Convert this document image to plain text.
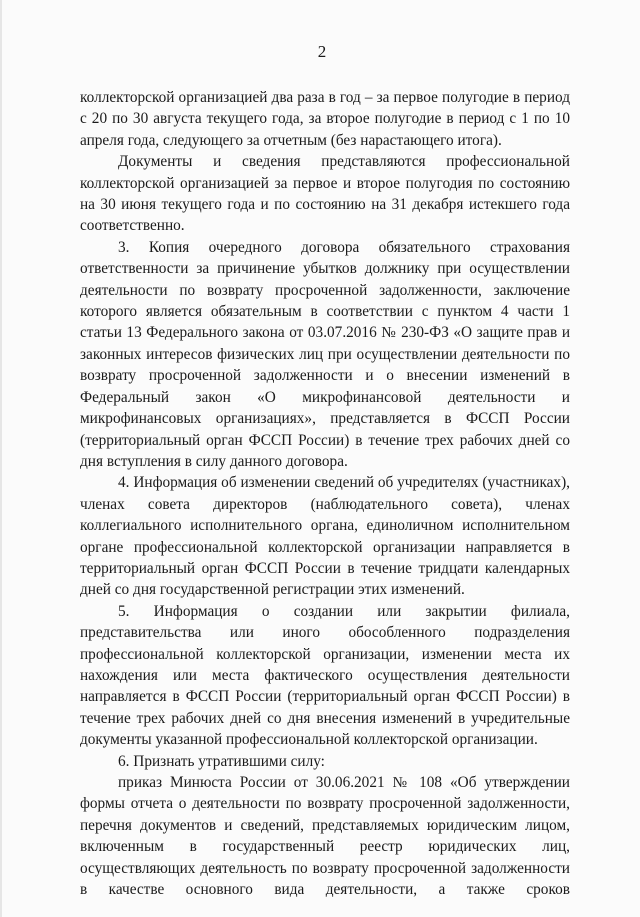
2

коллекторской организацией два раза в год – за первое полугодие в период с 20 по 30 августа текущего года, за второе полугодие в период с 1 по 10 апреля года, следующего за отчетным (без нарастающего итога).

Документы и сведения представляются профессиональной коллекторской организацией за первое и второе полугодия по состоянию на 30 июня текущего года и по состоянию на 31 декабря истекшего года соответственно.

3. Копия очередного договора обязательного страхования ответственности за причинение убытков должнику при осуществлении деятельности по возврату просроченной задолженности, заключение которого является обязательным в соответствии с пунктом 4 части 1 статьи 13 Федерального закона от 03.07.2016 № 230-ФЗ «О защите прав и законных интересов физических лиц при осуществлении деятельности по возврату просроченной задолженности и о внесении изменений в Федеральный закон «О микрофинансовой деятельности и микрофинансовых организациях», представляется в ФССП России (территориальный орган ФССП России) в течение трех рабочих дней со дня вступления в силу данного договора.

4. Информация об изменении сведений об учредителях (участниках), членах совета директоров (наблюдательного совета), членах коллегиального исполнительного органа, единоличном исполнительном органе профессиональной коллекторской организации направляется в территориальный орган ФССП России в течение тридцати календарных дней со дня государственной регистрации этих изменений.

5. Информация о создании или закрытии филиала, представительства или иного обособленного подразделения профессиональной коллекторской организации, изменении места их нахождения или места фактического осуществления деятельности направляется в ФССП России (территориальный орган ФССП России) в течение трех рабочих дней со дня внесения изменений в учредительные документы указанной профессиональной коллекторской организации.

6. Признать утратившими силу:

приказ Минюста России от 30.06.2021 № 108 «Об утверждении формы отчета о деятельности по возврату просроченной задолженности, перечня документов и сведений, представляемых юридическим лицом, включенным в государственный реестр юридических лиц, осуществляющих деятельность по возврату просроченной задолженности в качестве основного вида деятельности, а также сроков
